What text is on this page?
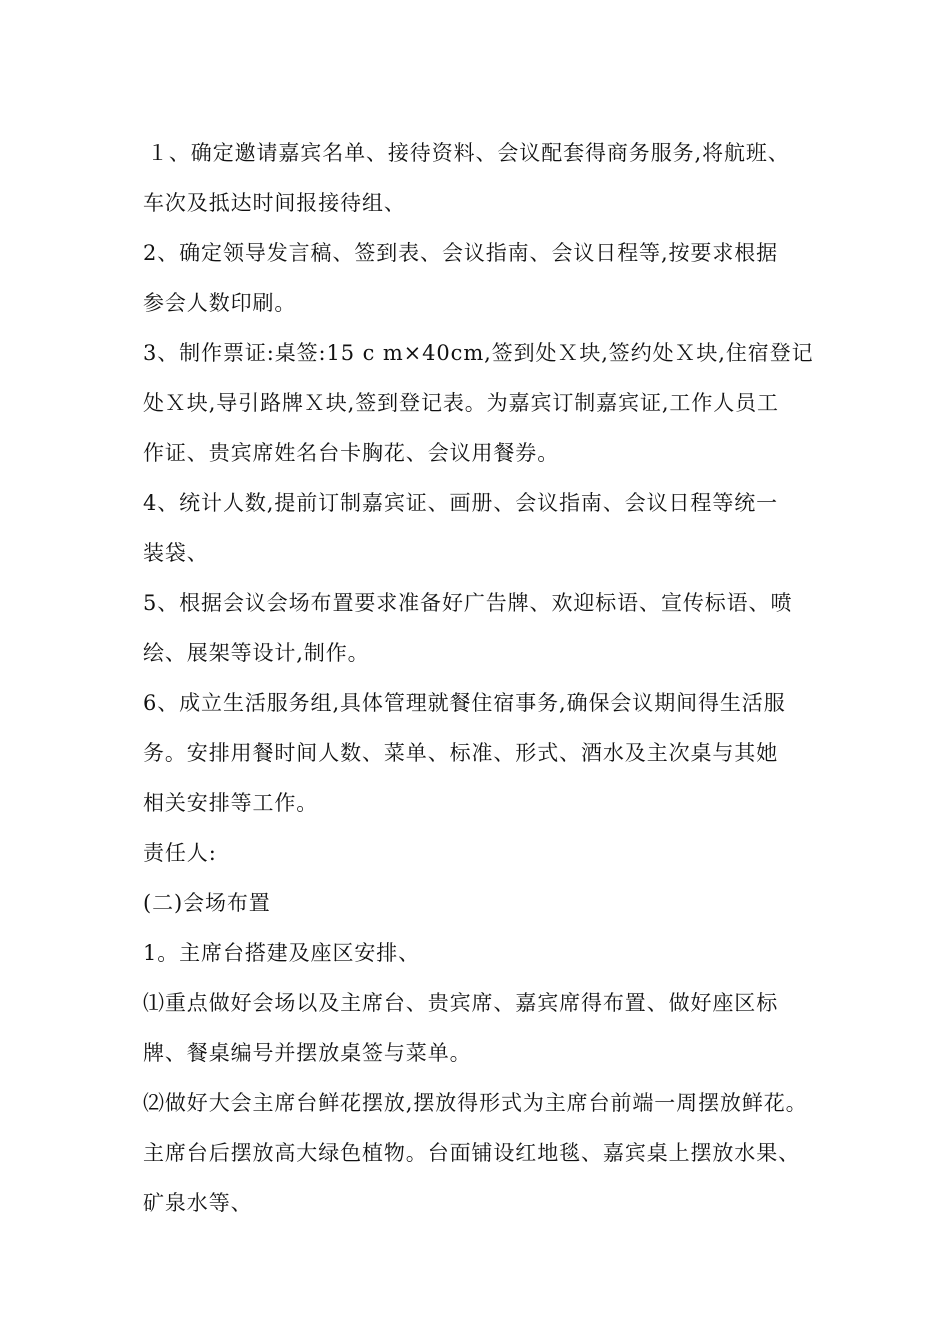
１、确定邀请嘉宾名单、接待资料、会议配套得商务服务,将航班、
车次及抵达时间报接待组、
2、确定领导发言稿、签到表、会议指南、会议日程等,按要求根据
参会人数印刷。
3、制作票证:桌签:15 c m×40cm,签到处Ｘ块,签约处Ｘ块,住宿登记
处Ｘ块,导引路牌Ｘ块,签到登记表。为嘉宾订制嘉宾证,工作人员工
作证、贵宾席姓名台卡胸花、会议用餐券。
4、统计人数,提前订制嘉宾证、画册、会议指南、会议日程等统一
装袋、
5、根据会议会场布置要求准备好广告牌、欢迎标语、宣传标语、喷
绘、展架等设计,制作。
6、成立生活服务组,具体管理就餐住宿事务,确保会议期间得生活服
务。安排用餐时间人数、菜单、标准、形式、酒水及主次桌与其她
相关安排等工作。
责任人:
(二)会场布置
1。主席台搭建及座区安排、
⑴重点做好会场以及主席台、贵宾席、嘉宾席得布置、做好座区标
牌、餐桌编号并摆放桌签与菜单。
⑵做好大会主席台鲜花摆放,摆放得形式为主席台前端一周摆放鲜花。
主席台后摆放高大绿色植物。台面铺设红地毯、嘉宾桌上摆放水果、
矿泉水等、
